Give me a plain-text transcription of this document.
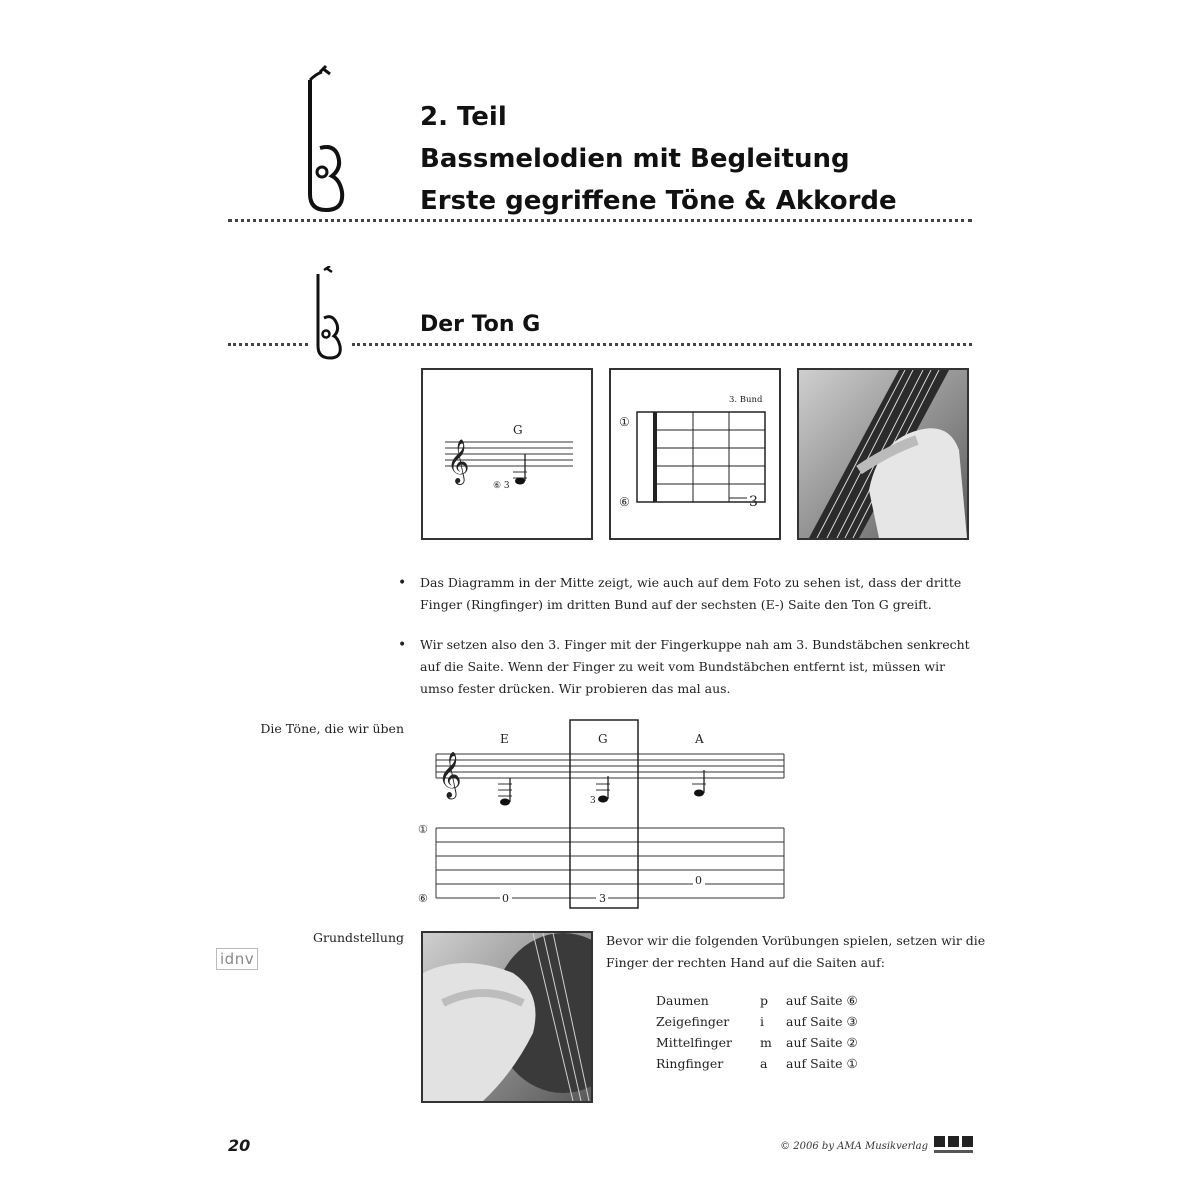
2. Teil
Bassmelodien mit Begleitung
Erste gegriffene Töne & Akkorde
Der Ton G
𝄞
G
⑥ 3
3. Bund
①
⑥	3
• Das Diagramm in der Mitte zeigt, wie auch auf dem Foto zu sehen ist, dass der dritte Finger (Ringfinger) im dritten Bund auf der sechsten (E-) Saite den Ton G greift.
• Wir setzen also den 3. Finger mit der Fingerkuppe nah am 3. Bundstäbchen senkrecht auf die Saite. Wenn der Finger zu weit vom Bundstäbchen entfernt ist, müssen wir umso fester drücken. Wir probieren das mal aus.
Die Töne, die wir üben
𝄞
E	G	A
3
0	3
0
①
⑥
Grundstellung	Bevor wir die folgenden Vorübungen spielen, setzen wir die Finger der rechten Hand auf die Saiten auf:
Daumen	p	auf Saite ⑥
Zeigefinger	i	auf Saite ③
Mittelfinger	m	auf Saite ②
Ringfinger	a	auf Saite ①
idnv
20	© 2006 by AMA Musikverlag
